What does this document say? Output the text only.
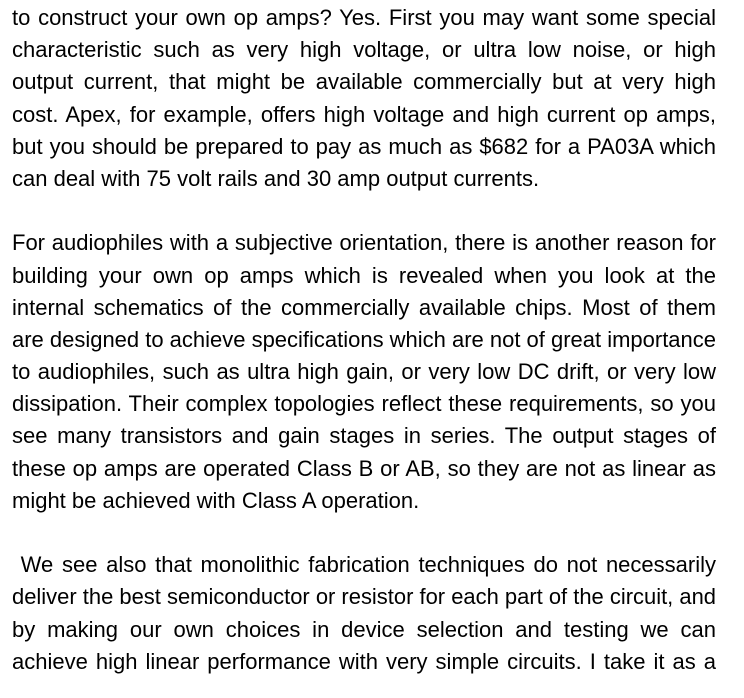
to construct your own op amps? Yes. First you may want some special
characteristic such as very high voltage, or ultra low noise, or high
output current, that might be available commercially but at very high
cost. Apex, for example, offers high voltage and high current op amps,
but you should be prepared to pay as much as $682 for a PA03A which
can deal with 75 volt rails and 30 amp output currents.
For audiophiles with a subjective orientation, there is another reason for
building your own op amps which is revealed when you look at the
internal schematics of the commercially available chips. Most of them
are designed to achieve specifications which are not of great importance
to audiophiles, such as ultra high gain, or very low DC drift, or very low
dissipation. Their complex topologies reflect these requirements, so you
see many transistors and gain stages in series. The output stages of
these op amps are operated Class B or AB, so they are not as linear as
might be achieved with Class A operation.
We see also that monolithic fabrication techniques do not necessarily
deliver the best semiconductor or resistor for each part of the circuit, and
by making our own choices in device selection and testing we can
achieve high linear performance with very simple circuits. I take it as a
